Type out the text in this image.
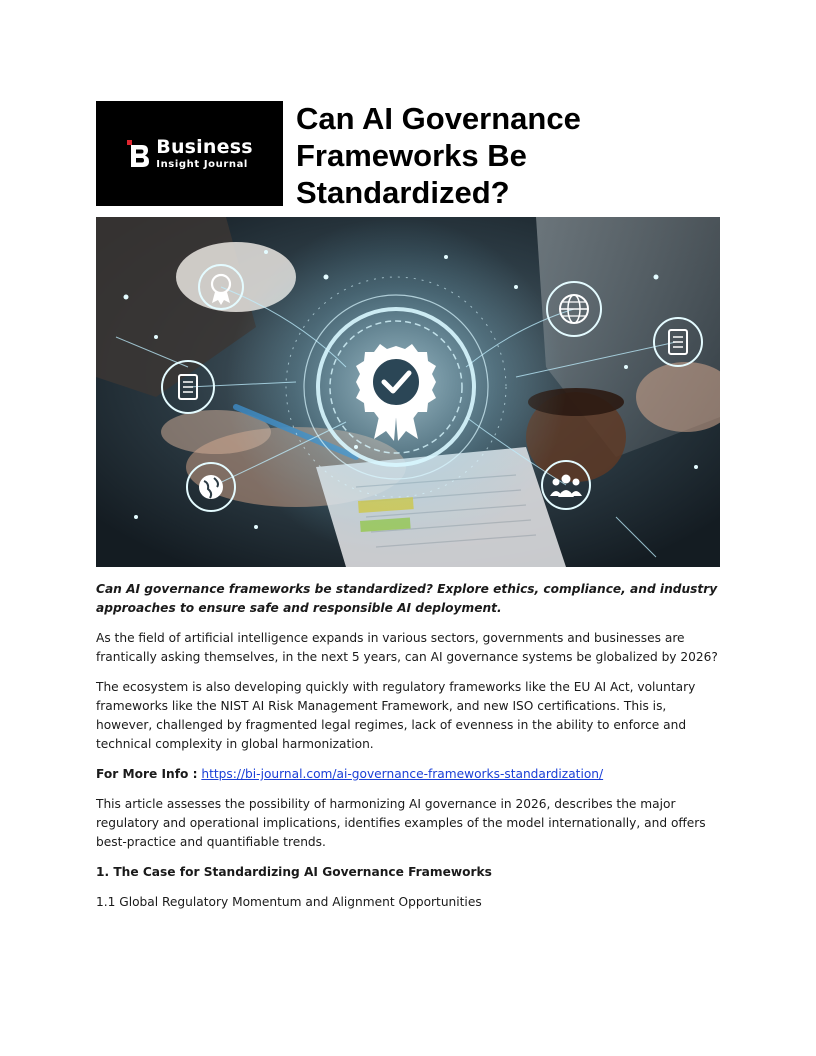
Business
Insight Journal
Can AI Governance Frameworks Be Standardized?

Can AI governance frameworks be standardized? Explore ethics, compliance, and industry approaches to ensure safe and responsible AI deployment.

As the field of artificial intelligence expands in various sectors, governments and businesses are frantically asking themselves, in the next 5 years, can AI governance systems be globalized by 2026?

The ecosystem is also developing quickly with regulatory frameworks like the EU AI Act, voluntary frameworks like the NIST AI Risk Management Framework, and new ISO certifications. This is, however, challenged by fragmented legal regimes, lack of evenness in the ability to enforce and technical complexity in global harmonization.

For More Info : https://bi-journal.com/ai-governance-frameworks-standardization/

This article assesses the possibility of harmonizing AI governance in 2026, describes the major regulatory and operational implications, identifies examples of the model internationally, and offers best-practice and quantifiable trends.

1. The Case for Standardizing AI Governance Frameworks

1.1 Global Regulatory Momentum and Alignment Opportunities
